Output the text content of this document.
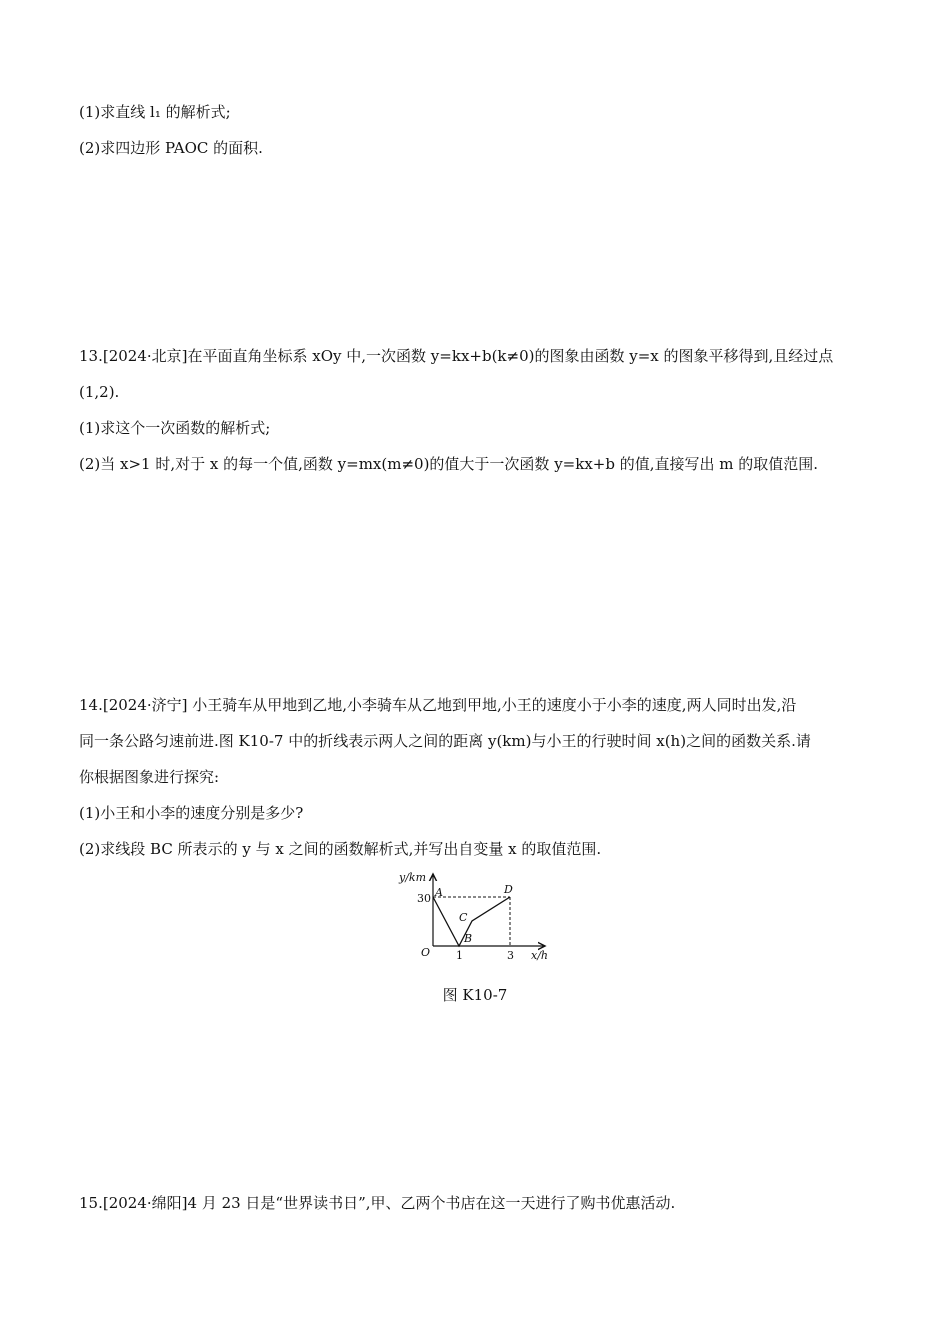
(1)求直线 l₁ 的解析式;
(2)求四边形 PAOC 的面积.
13.[2024·北京]在平面直角坐标系 xOy 中,一次函数 y=kx+b(k≠0)的图象由函数 y=x 的图象平移得到,且经过点
(1,2).
(1)求这个一次函数的解析式;
(2)当 x>1 时,对于 x 的每一个值,函数 y=mx(m≠0)的值大于一次函数 y=kx+b 的值,直接写出 m 的取值范围.
14.[2024·济宁] 小王骑车从甲地到乙地,小李骑车从乙地到甲地,小王的速度小于小李的速度,两人同时出发,沿
同一条公路匀速前进.图 K10-7 中的折线表示两人之间的距离 y(km)与小王的行驶时间 x(h)之间的函数关系.请
你根据图象进行探究:
(1)小王和小李的速度分别是多少?
(2)求线段 BC 所表示的 y 与 x 之间的函数解析式,并写出自变量 x 的取值范围.
y/km
30 A	D
C
B
O 1	3 x/h
图 K10-7
15.[2024·绵阳]4 月 23 日是“世界读书日”,甲、乙两个书店在这一天进行了购书优惠活动.
